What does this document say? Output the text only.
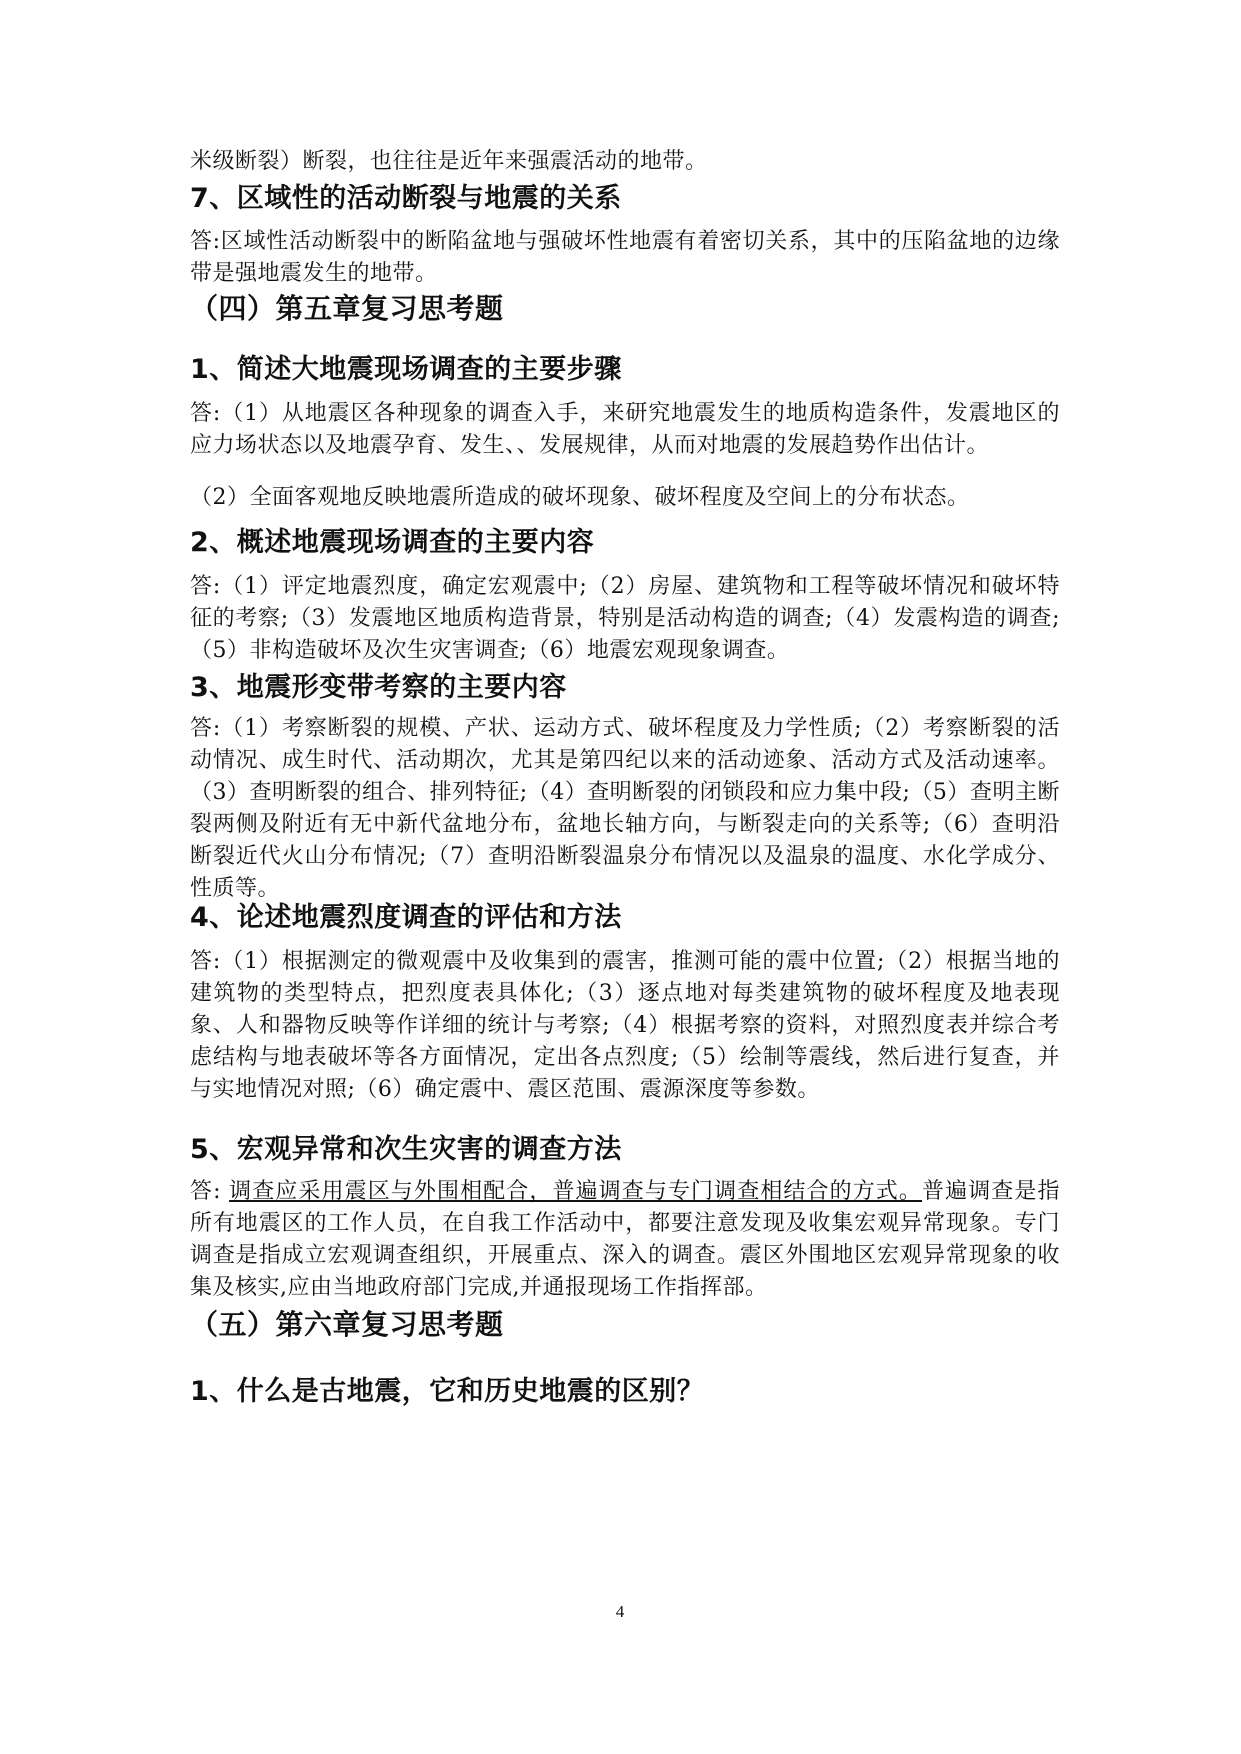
米级断裂）断裂，也往往是近年来强震活动的地带。

7、区域性的活动断裂与地震的关系

答:区域性活动断裂中的断陷盆地与强破坏性地震有着密切关系，其中的压陷盆地的边缘带是强地震发生的地带。

（四）第五章复习思考题
1、简述大地震现场调查的主要步骤

答:（1）从地震区各种现象的调查入手，来研究地震发生的地质构造条件，发震地区的应力场状态以及地震孕育、发生、、发展规律，从而对地震的发展趋势作出估计。

（2）全面客观地反映地震所造成的破坏现象、破坏程度及空间上的分布状态。

2、概述地震现场调查的主要内容

答:（1）评定地震烈度，确定宏观震中;（2）房屋、建筑物和工程等破坏情况和破坏特征的考察;（3）发震地区地质构造背景，特别是活动构造的调查;（4）发震构造的调查;（5）非构造破坏及次生灾害调查;（6）地震宏观现象调查。

3、地震形变带考察的主要内容

答:（1）考察断裂的规模、产状、运动方式、破坏程度及力学性质;（2）考察断裂的活动情况、成生时代、活动期次，尤其是第四纪以来的活动迹象、活动方式及活动速率。（3）查明断裂的组合、排列特征;（4）查明断裂的闭锁段和应力集中段;（5）查明主断裂两侧及附近有无中新代盆地分布，盆地长轴方向，与断裂走向的关系等;（6）查明沿断裂近代火山分布情况;（7）查明沿断裂温泉分布情况以及温泉的温度、水化学成分、性质等。

4、论述地震烈度调查的评估和方法

答:（1）根据测定的微观震中及收集到的震害，推测可能的震中位置;（2）根据当地的建筑物的类型特点，把烈度表具体化;（3）逐点地对每类建筑物的破坏程度及地表现象、人和器物反映等作详细的统计与考察;（4）根据考察的资料，对照烈度表并综合考虑结构与地表破坏等各方面情况，定出各点烈度;（5）绘制等震线，然后进行复查，并与实地情况对照;（6）确定震中、震区范围、震源深度等参数。

5、宏观异常和次生灾害的调查方法

答: 调查应采用震区与外围相配合，普遍调查与专门调查相结合的方式。普遍调查是指所有地震区的工作人员，在自我工作活动中，都要注意发现及收集宏观异常现象。专门调查是指成立宏观调查组织，开展重点、深入的调查。震区外围地区宏观异常现象的收集及核实,应由当地政府部门完成,并通报现场工作指挥部。

（五）第六章复习思考题
1、什么是古地震，它和历史地震的区别？
4
